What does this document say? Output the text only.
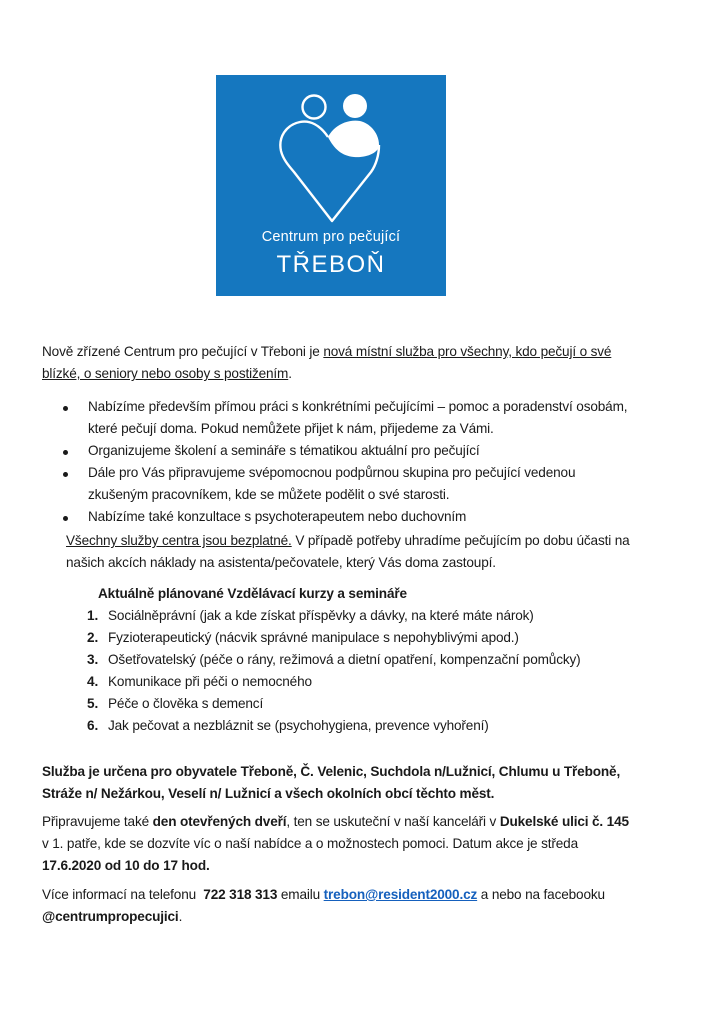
Centrum pro pečující
TŘEBOŇ
Nově zřízené Centrum pro pečující v Třeboni je nová místní služba pro všechny, kdo pečují o své
blízké, o seniory nebo osoby s postižením.
Nabízíme především přímou práci s konkrétními pečujícími – pomoc a poradenství osobám,
které pečují doma. Pokud nemůžete přijet k nám, přijedeme za Vámi.
Organizujeme školení a semináře s tématikou aktuální pro pečující
Dále pro Vás připravujeme svépomocnou podpůrnou skupina pro pečující vedenou
zkušeným pracovníkem, kde se můžete podělit o své starosti.
Nabízíme také konzultace s psychoterapeutem nebo duchovním
Všechny služby centra jsou bezplatné. V případě potřeby uhradíme pečujícím po dobu účasti na
našich akcích náklady na asistenta/pečovatele, který Vás doma zastoupí.
Aktuálně plánované Vzdělávací kurzy a semináře
1. Sociálněprávní (jak a kde získat příspěvky a dávky, na které máte nárok)
2. Fyzioterapeutický (nácvik správné manipulace s nepohyblivými apod.)
3. Ošetřovatelský (péče o rány, režimová a dietní opatření, kompenzační pomůcky)
4. Komunikace při péči o nemocného
5. Péče o člověka s demencí
6. Jak pečovat a nezbláznit se (psychohygiena, prevence vyhoření)
Služba je určena pro obyvatele Třeboně, Č. Velenic, Suchdola n/Lužnicí, Chlumu u Třeboně,
Stráže n/ Nežárkou, Veselí n/ Lužnicí a všech okolních obcí těchto měst.
Připravujeme také den otevřených dveří, ten se uskuteční v naší kanceláři v Dukelské ulici č. 145
v 1. patře, kde se dozvíte víc o naší nabídce a o možnostech pomoci. Datum akce je středa
17.6.2020 od 10 do 17 hod.
Více informací na telefonu  722 318 313 emailu trebon@resident2000.cz a nebo na facebooku
@centrumpropecujici.
